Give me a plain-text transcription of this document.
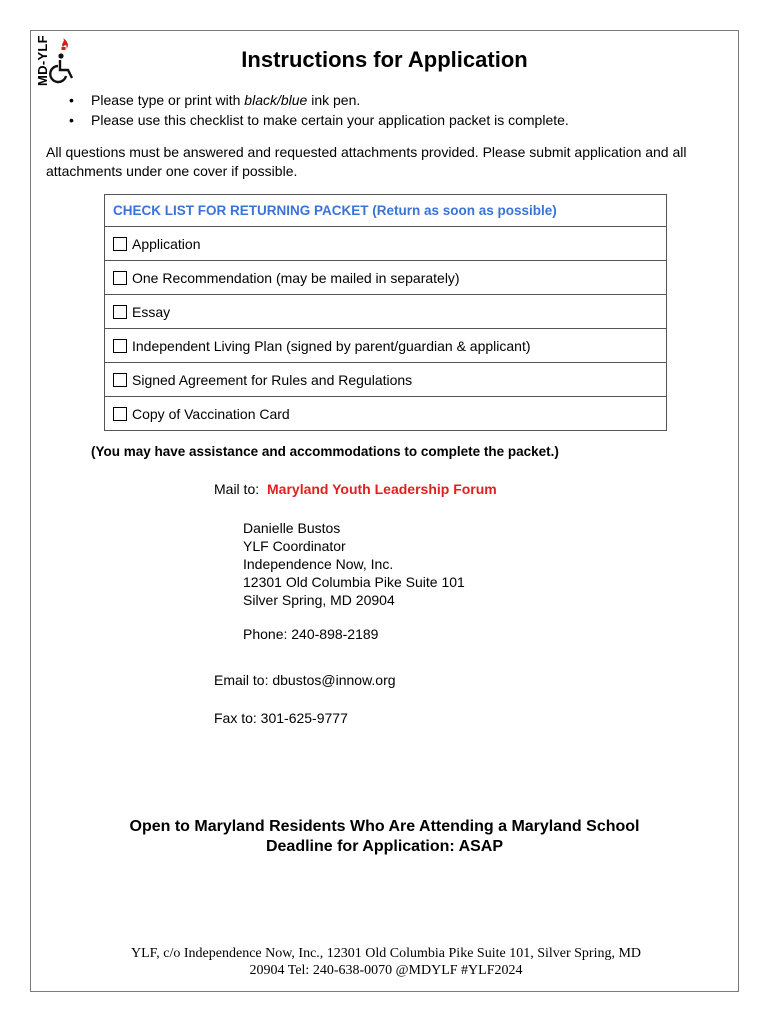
MD-YLF	Instructions for Application
• Please type or print with black/blue ink pen.
• Please use this checklist to make certain your application packet is complete.

All questions must be answered and requested attachments provided. Please submit application and all attachments under one cover if possible.

CHECK LIST FOR RETURNING PACKET (Return as soon as possible)
Application
One Recommendation (may be mailed in separately)
Essay
Independent Living Plan (signed by parent/guardian & applicant)
Signed Agreement for Rules and Regulations
Copy of Vaccination Card

(You may have assistance and accommodations to complete the packet.)

Mail to: Maryland Youth Leadership Forum

Danielle Bustos
YLF Coordinator
Independence Now, Inc.
12301 Old Columbia Pike Suite 101
Silver Spring, MD 20904

Phone: 240-898-2189

Email to: dbustos@innow.org

Fax to: 301-625-9777

Open to Maryland Residents Who Are Attending a Maryland School
Deadline for Application: ASAP

YLF, c/o Independence Now, Inc., 12301 Old Columbia Pike Suite 101, Silver Spring, MD
20904 Tel: 240-638-0070 @MDYLF #YLF2024
